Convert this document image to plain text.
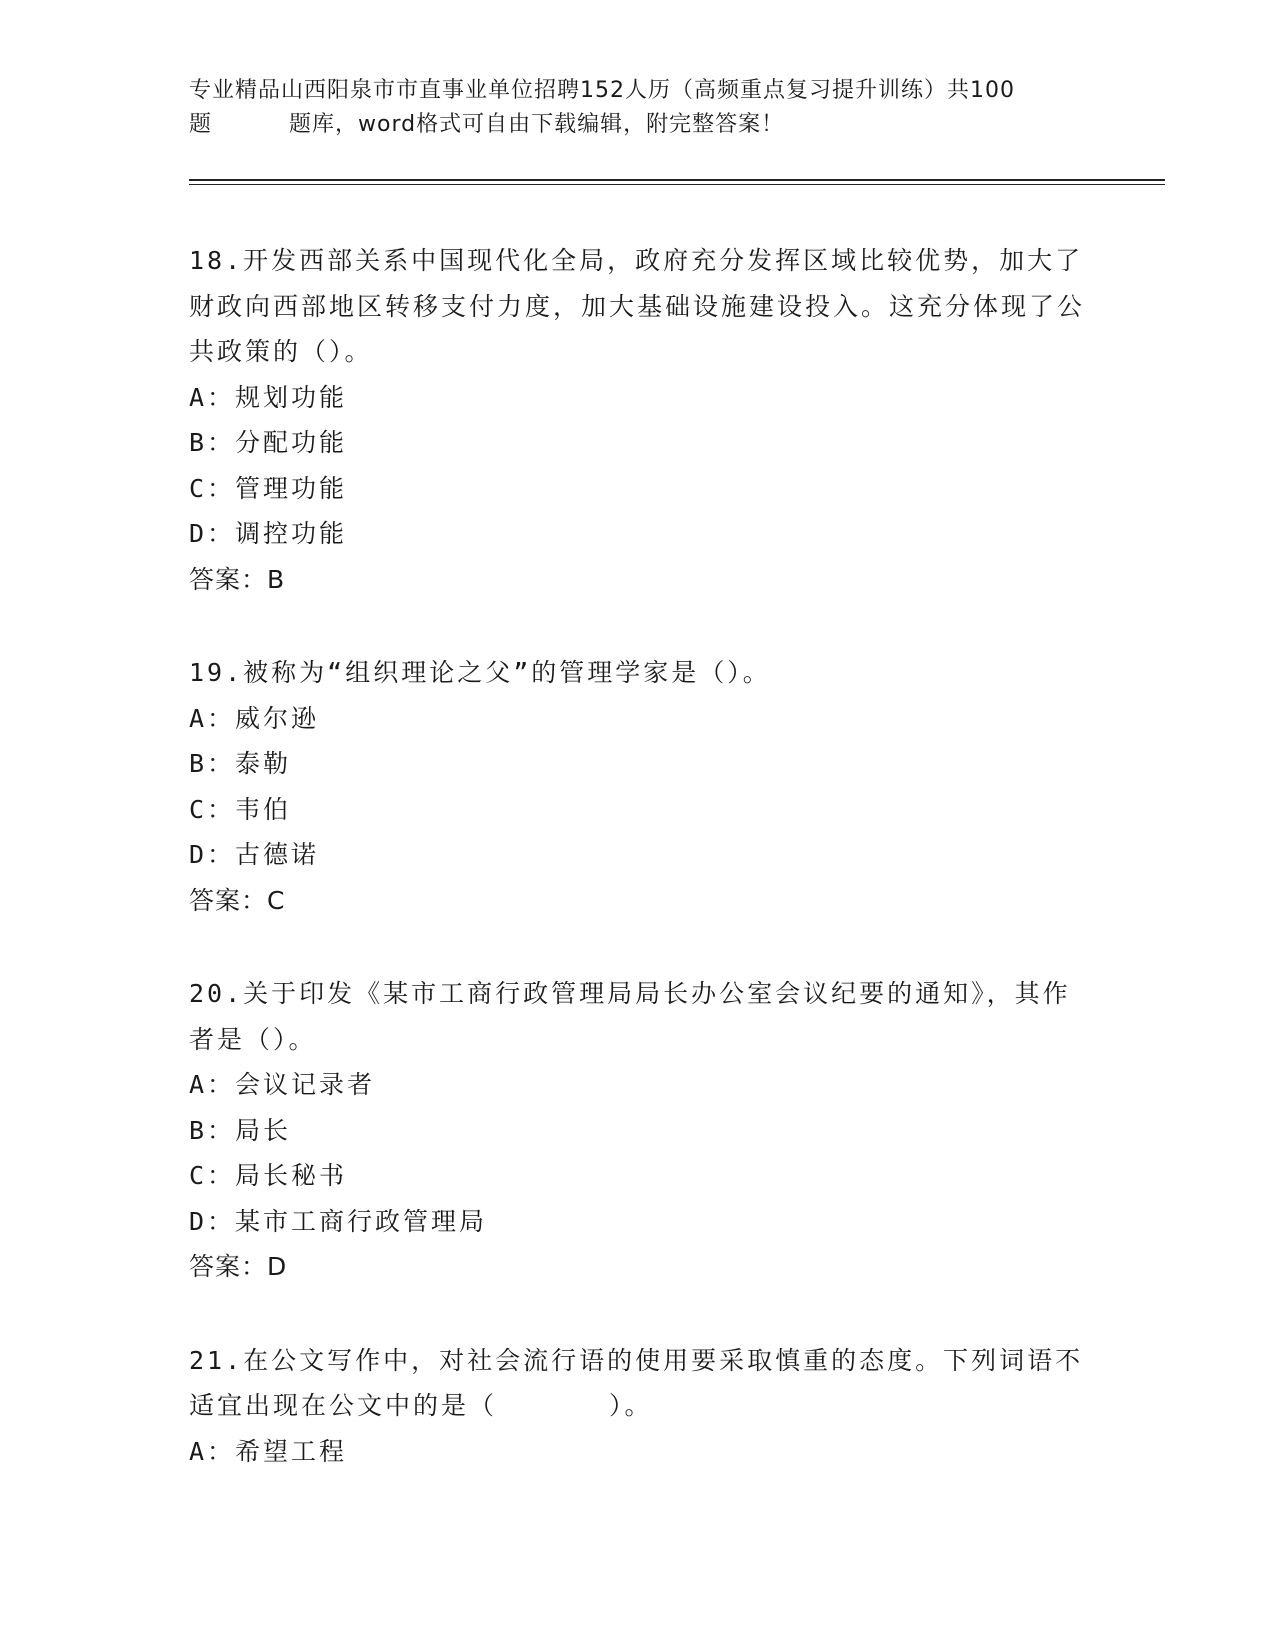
专业精品山西阳泉市市直事业单位招聘152人历（高频重点复习提升训练）共100
题	题库，word格式可自由下载编辑，附完整答案！

18.开发西部关系中国现代化全局，政府充分发挥区域比较优势，加大了财政向西部地区转移支付力度，加大基础设施建设投入。这充分体现了公共政策的（）。

A：规划功能

B：分配功能

C：管理功能

D：调控功能

答案：B

19.被称为“组织理论之父”的管理学家是（）。

A：威尔逊

B：泰勒

C：韦伯

D：古德诺

答案：C

20.关于印发《某市工商行政管理局局长办公室会议纪要的通知》，其作者是（）。

A：会议记录者

B：局长

C：局长秘书

D：某市工商行政管理局

答案：D

21.在公文写作中，对社会流行语的使用要采取慎重的态度。下列词语不适宜出现在公文中的是（　　　　）。

A：希望工程
